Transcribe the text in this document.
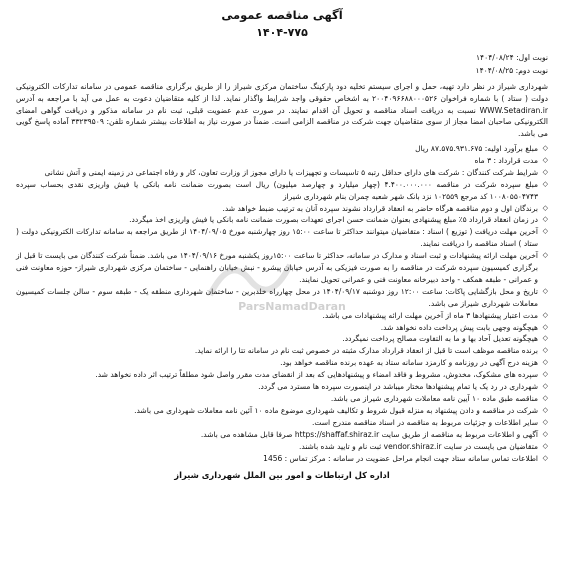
آگهی مناقصه عمومی
۱۴۰۴-۷۷۵
نوبت اول: ۱۴۰۴/۰۸/۲۴
نوبت دوم: ۱۴۰۴/۰۸/۲۵
شهرداری شیراز در نظر دارد تهیه، حمل و اجرای سیستم تخلیه دود پارکینگ ساختمان مرکزی شیراز را از طریق برگزاری مناقصه عمومی در سامانه تدارکات الکترونیکی دولت ( ستاد ) با شماره فراخوان ۲۰۰۴۰۹۶۶۸۸۰۰۰۵۲۶ به اشخاص حقوقی واجد شرایط واگذار نماید. لذا از کلیه متقاضیان دعوت به عمل می آید با مراجعه به آدرس WWW.Setadiran.ir نسبت به دریافت اسناد مناقصه و تحویل آن اقدام نمایند. در صورت عدم عضویت قبلی، ثبت نام در سامانه مذکور و دریافت گواهی امضای الکترونیکی صاحبان امضا مجاز از سوی متقاضیان جهت شرکت در مناقصه الزامی است. ضمناً در صورت نیاز به اطلاعات بیشتر شماره تلفن: ۳۳۲۳۹۵۰۹ آماده پاسخ گویی می باشد.
◇ مبلغ برآورد اولیه: ۸۷.۵۷۵.۹۳۱.۶۷۵ ریال
◇ مدت قرارداد : ۳ ماه
◇ شرایط شرکت کنندگان : شرکت های دارای حداقل رتبه ۵ تاسیسات و تجهیزات یا دارای مجوز از وزارت تعاون، کار و رفاه اجتماعی در زمینه ایمنی و آتش نشانی
◇ مبلغ سپرده شرکت در مناقصه ۴.۴۰۰.۰۰۰.۰۰۰ (چهار میلیارد و چهارصد میلیون) ریال است بصورت ضمانت نامه بانکی یا فیش واریزی نقدی بحساب سپرده ۱۰۰۸۰۵۵۰۴۷۴۳ کد مرجع ۱۰۲۵۵۹ نزد بانک شهر شعبه چمران بنام شهرداری شیراز
◇ برندگان اول و دوم مناقصه هرگاه حاضر به انعقاد قرارداد نشوند سپرده آنان به ترتیب ضبط خواهد شد.
◇ در زمان انعقاد قرارداد ۵٪ مبلغ پیشنهادی بعنوان ضمانت حسن اجرای تعهدات بصورت ضمانت نامه بانکی یا فیش واریزی اخذ میگردد.
◇ آخرین مهلت دریافت ( توزیع ) اسناد : متقاضیان میتوانند حداکثر تا ساعت ۱۵:۰۰ روز چهارشنبه مورخ ۱۴۰۴/۰۹/۰۵ از طریق مراجعه به سامانه تدارکات الکترونیکی دولت ( ستاد ) اسناد مناقصه را دریافت نمایند.
◇ آخرین مهلت ارائه پیشنهادات و ثبت اسناد و مدارک در سامانه، حداکثر تا ساعت ۱۵:۰۰روز یکشنبه مورخ ۱۴۰۴/۰۹/۱۶ می باشد. ضمناً شرکت کنندگان می بایست تا قبل از برگزاری کمیسیون سپرده شرکت در مناقصه را به صورت فیزیکی به آدرس خیابان پیشرو - نبش خیابان راهنمایی - ساختمان مرکزی شهرداری شیراز- حوزه معاونت فنی و عمرانی - طبقه همکف - واحد دبیرخانه معاونت فنی و عمرانی تحویل نمایند.
◇ تاریخ و محل بازگشایی پاکات: ساعت ۱۲:۰۰ روز دوشنبه ۱۴۰۴/۰۹/۱۷ در محل چهارراه خلدبرین - ساختمان شهرداری منطقه یک - طبقه سوم - سالن جلسات کمیسیون معاملات شهرداری شیراز می باشد.
◇ مدت اعتبار پیشنهادها ۳ ماه از آخرین مهلت ارائه پیشنهادات می باشد.
◇ هیچگونه وجهی بابت پیش پرداخت داده نخواهد شد.
◇ هیچگونه تعدیل آحاد بها و ما به التفاوت مصالح پرداخت نمیگردد.
◇ برنده مناقصه موظف است تا قبل از انعقاد قرارداد مدارک مثبته در خصوص ثبت نام در سامانه تتا را ارائه نماید.
◇ هزینه درج آگهی در روزنامه و کارمزد سامانه ستاد به عهده برنده مناقصه خواهد بود.
◇ سپرده های مشکوک، مخدوش، مشروط و فاقد امضاء و پیشنهادهایی که بعد از انقضای مدت مقرر واصل شود مطلقاً ترتیب اثر داده نخواهد شد.
◇ شهرداری در رد یک یا تمام پیشنهادها مختار میباشد در اینصورت سپرده ها مسترد می گردد.
◇ مناقصه طبق ماده ۱۰ آیین نامه معاملات شهرداری شیراز می باشد.
◇ شرکت در مناقصه و دادن پیشنهاد به منزله قبول شروط و تکالیف شهرداری موضوع ماده ۱۰ آئین نامه معاملات شهرداری می باشد.
◇ سایر اطلاعات و جزئیات مربوط به مناقصه در اسناد مناقصه مندرج است.
◇ آگهی و اطلاعات مربوط به مناقصه از طریق سایت https://shaffaf.shiraz.ir صرفا قابل مشاهده می باشد.
◇ متقاضیان می بایست در سایت vendor.shiraz.ir ثبت نام و تایید شده باشند.
◇ اطلاعات تماس سامانه ستاد جهت انجام مراحل عضویت در سامانه : مرکز تماس : 1456
اداره کل ارتباطات و امور بین الملل شهرداری شیراز
ParsNamadDaran
